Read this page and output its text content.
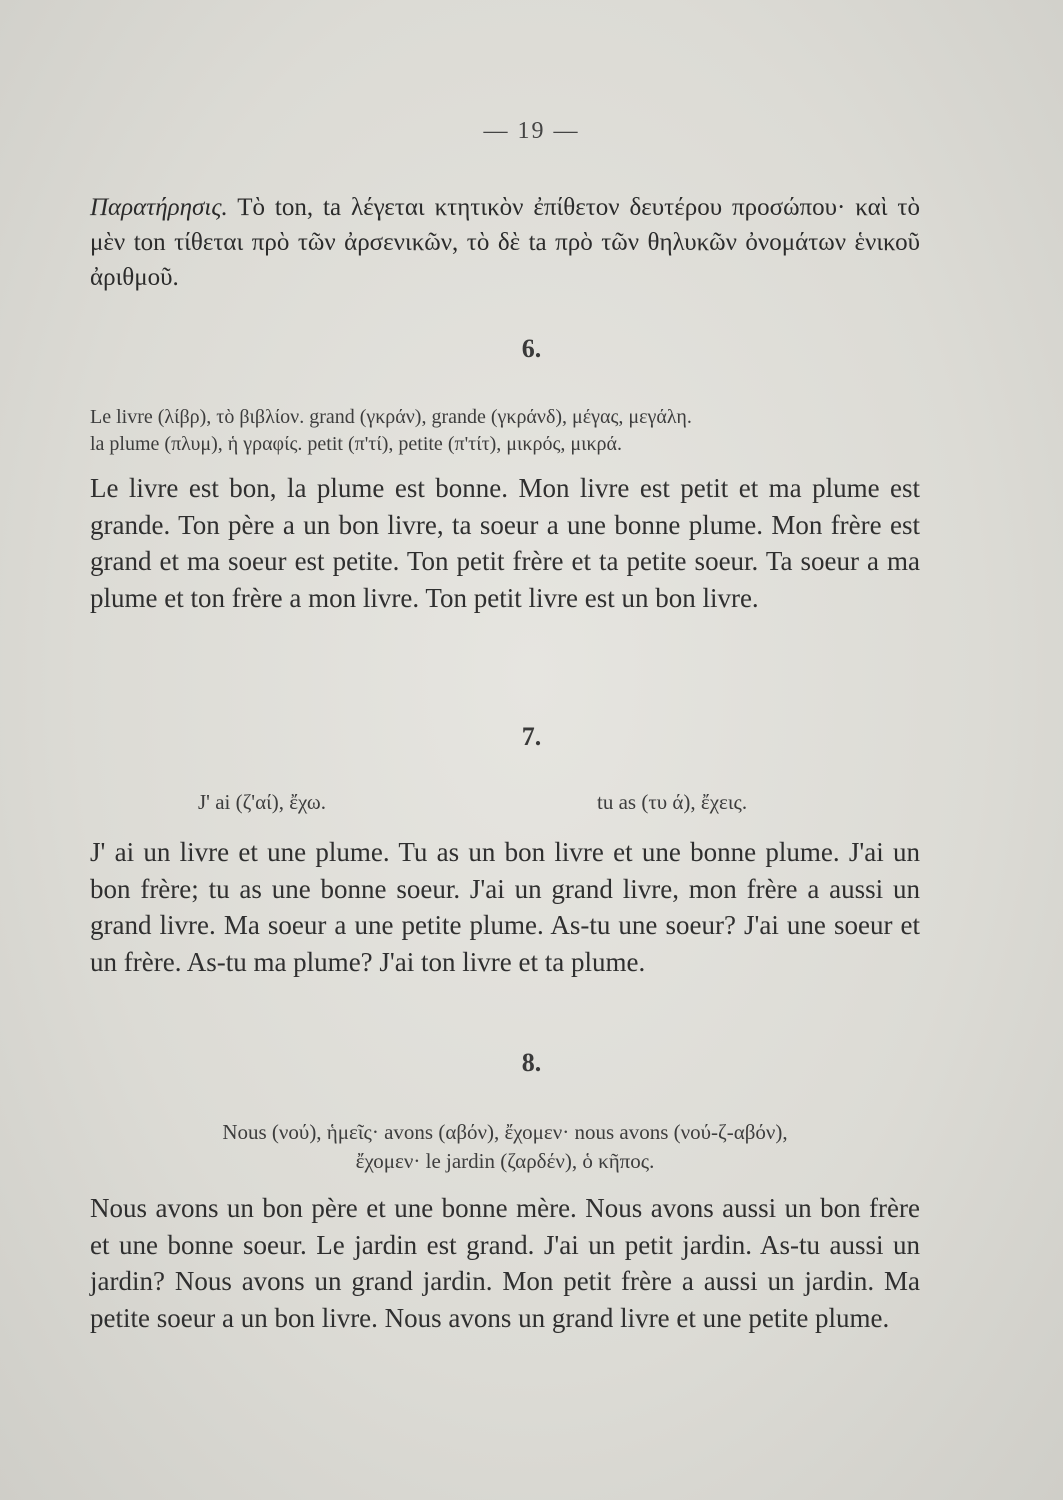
— 19 —
Παρατήρησις. Τὸ ton, ta λέγεται κτητικὸν ἐπίθετον δευτέρου προσώπου· καὶ τὸ μὲν ton τίθεται πρὸ τῶν ἀρσενικῶν, τὸ δὲ ta πρὸ τῶν θηλυκῶν ὀνομάτων ἑνικοῦ ἀριθμοῦ.
6.
Le livre (λίβρ), τὸ βιβλίον. grand (γκράν), grande (γκράνδ), μέγας, μεγάλη.
la plume (πλυμ), ἡ γραφίς. petit (π'τί), petite (π'τίτ), μικρός, μικρά.
Le livre est bon, la plume est bonne. Mon livre est petit et ma plume est grande. Ton père a un bon livre, ta soeur a une bonne plume. Mon frère est grand et ma soeur est petite. Ton petit frère et ta petite soeur. Ta soeur a ma plume et ton frère a mon livre. Ton petit livre est un bon livre.
7.
J' ai (ζ'αί), ἔχω.	tu as (τυ ά), ἔχεις.
J' ai un livre et une plume. Tu as un bon livre et une bonne plume. J'ai un bon frère; tu as une bonne soeur. J'ai un grand livre, mon frère a aussi un grand livre. Ma soeur a une petite plume. As-tu une soeur? J'ai une soeur et un frère. As-tu ma plume? J'ai ton livre et ta plume.
8.
Nous (νού), ἡμεῖς· avons (αβόν), ἔχομεν· nous avons (νού-ζ-αβόν),
ἔχομεν· le jardin (ζαρδέν), ὁ κῆπος.
Nous avons un bon père et une bonne mère. Nous avons aussi un bon frère et une bonne soeur. Le jardin est grand. J'ai un petit jardin. As-tu aussi un jardin? Nous avons un grand jardin. Mon petit frère a aussi un jardin. Ma petite soeur a un bon livre. Nous avons un grand livre et une petite plume.
